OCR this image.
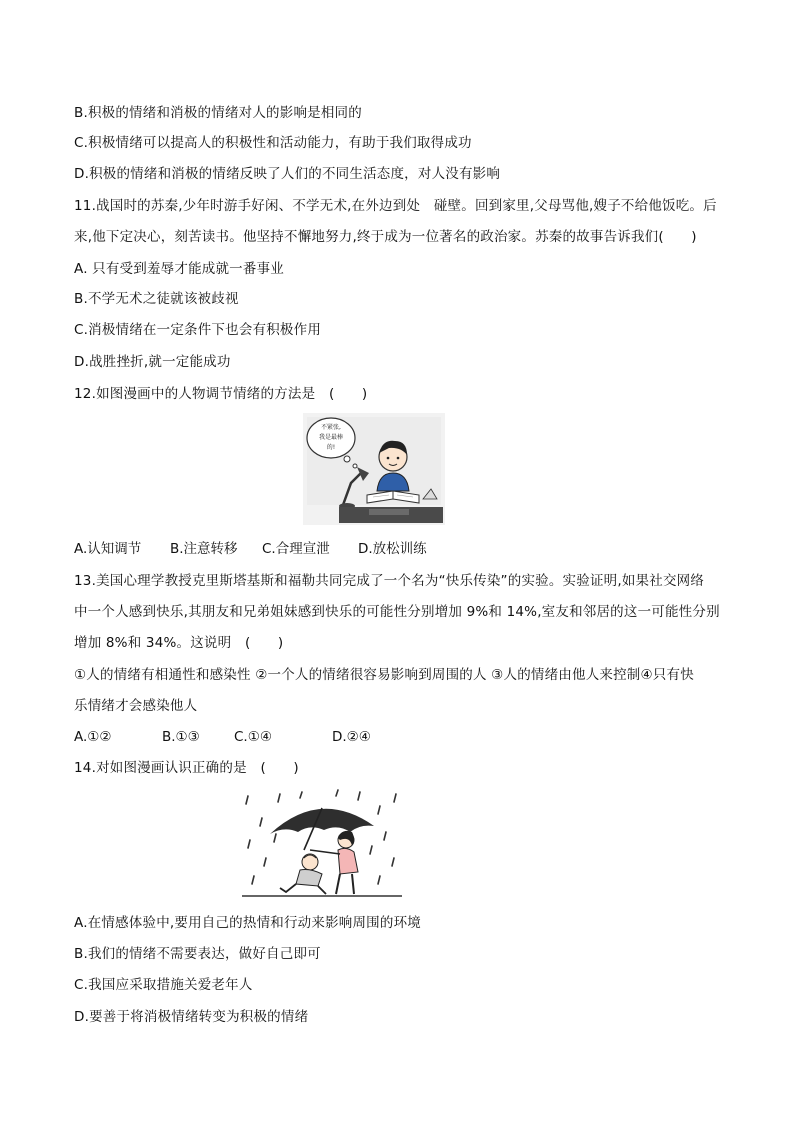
B.积极的情绪和消极的情绪对人的影响是相同的
C.积极情绪可以提高人的积极性和活动能力，有助于我们取得成功
D.积极的情绪和消极的情绪反映了人们的不同生活态度，对人没有影响
11.战国时的苏秦,少年时游手好闲、不学无术,在外边到处　碰壁。回到家里,父母骂他,嫂子不给他饭吃。后
来,他下定决心，刻苦读书。他坚持不懈地努力,终于成为一位著名的政治家。苏秦的故事告诉我们(　　)
A. 只有受到羞辱才能成就一番事业
B.不学无术之徒就该被歧视
C.消极情绪在一定条件下也会有积极作用
D.战胜挫折,就一定能成功
12.如图漫画中的人物调节情绪的方法是　(　　)
不紧张,
我是最棒
的!
A.认知调节 B.注意转移 C.合理宣泄 D.放松训练
13.美国心理学教授克里斯塔基斯和福勒共同完成了一个名为“快乐传染”的实验。实验证明,如果社交网络
中一个人感到快乐,其朋友和兄弟姐妹感到快乐的可能性分别增加 9%和 14%,室友和邻居的这一可能性分别
增加 8%和 34%。这说明　(　　)
①人的情绪有相通性和感染性 ②一个人的情绪很容易影响到周围的人 ③人的情绪由他人来控制④只有快
乐情绪才会感染他人
A.①②	B.①③	C.①④	D.②④
14.对如图漫画认识正确的是　(　　)
A.在情感体验中,要用自己的热情和行动来影响周围的环境
B.我们的情绪不需要表达，做好自己即可
C.我国应采取措施关爱老年人
D.要善于将消极情绪转变为积极的情绪
